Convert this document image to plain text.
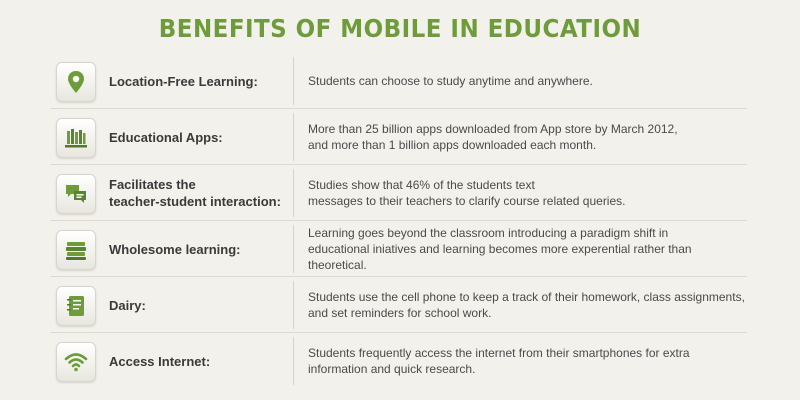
BENEFITS OF MOBILE IN EDUCATION
Location-Free Learning:	Students can choose to study anytime and anywhere.
Educational Apps:
More than 25 billion apps downloaded from App store by March 2012,
and more than 1 billion apps downloaded each month.
Facilitates the
teacher-student interaction:
Studies show that 46% of the students text
messages to their teachers to clarify course related queries.
Wholesome learning:
Learning goes beyond the classroom introducing a paradigm shift in
educational iniatives and learning becomes more experential rather than theoretical.
Dairy:
Students use the cell phone to keep a track of their homework, class assignments,
and set reminders for school work.
Access Internet:
Students frequently access the internet from their smartphones for extra
information and quick research.
